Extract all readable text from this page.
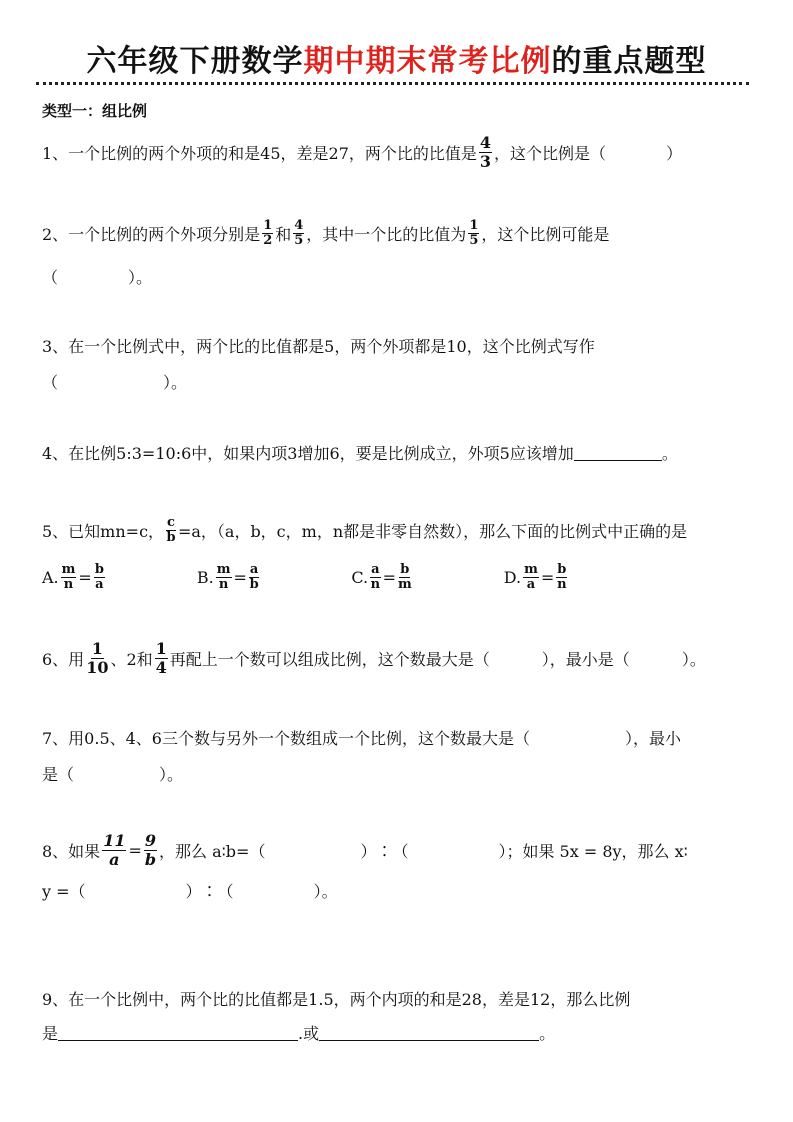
六年级下册数学期中期末常考比例的重点题型
类型一：组比例
1、一个比例的两个外项的和是45，差是27，两个比的比值是 $\frac{4}{3}$ ，这个比例是（	）
2、一个比例的两个外项分别是 $\frac{1}{2}$ 和 $\frac{4}{5}$ ，其中一个比的比值为 $\frac{1}{5}$ ，这个比例可能是
（	）。
3、在一个比例式中，两个比的比值都是5，两个外项都是10，这个比例式写作
（	）。
4、在比例5:3=10:6中，如果内项3增加6，要是比例成立，外项5应该增加	。
5、已知mn=c， $\frac{c}{b} =a$，（a，b，c，m，n都是非零自然数），那么下面的比例式中正确的是
A. $\frac{m}{n} = \frac{b}{a}$	B. $\frac{m}{n} = \frac{a}{b}$	C. $\frac{a}{n} = \frac{b}{m}$	D. $\frac{m}{a} = \frac{b}{n}$
6、用 $\frac{1}{10}$ 、2和 $\frac{1}{4}$ 再配上一个数可以组成比例，这个数最大是（	），最小是（	）。
7、用0.5、4、6三个数与另外一个数组成一个比例，这个数最大是（	），最小
是（	）。
8、如果 $\frac{11}{a} = \frac{9}{b}$ ，那么 a∶b=（	）∶（	）；如果 5x = 8y，那么 x∶
y =（	）∶（	）。
9、在一个比例中，两个比的比值都是1.5，两个内项的和是28，差是12，那么比例
是	.或	。
